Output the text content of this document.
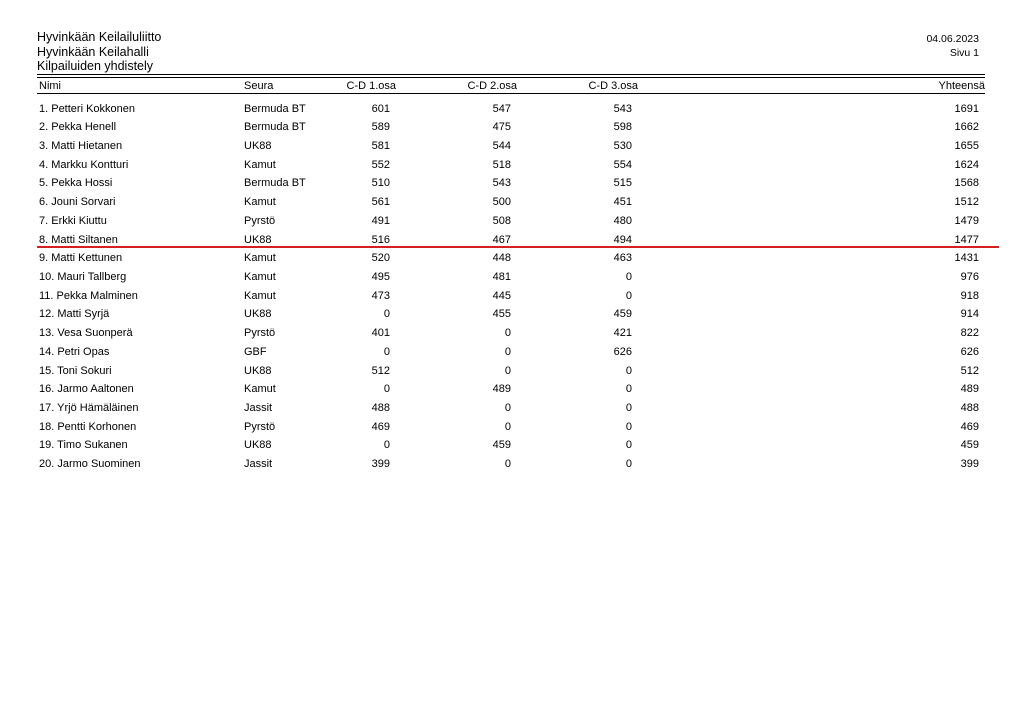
Hyvinkään Keilailuliitto
Hyvinkään Keilahalli
Kilpailuiden yhdistely
04.06.2023
Sivu 1
Nimi	Seura	C-D 1.osa	C-D 2.osa	C-D 3.osa	Yhteensä
1. Petteri Kokkonen	Bermuda BT	601	547	543	1691
2. Pekka Henell	Bermuda BT	589	475	598	1662
3. Matti Hietanen	UK88	581	544	530	1655
4. Markku Kontturi	Kamut	552	518	554	1624
5. Pekka Hossi	Bermuda BT	510	543	515	1568
6. Jouni Sorvari	Kamut	561	500	451	1512
7. Erkki Kiuttu	Pyrstö	491	508	480	1479
8. Matti Siltanen	UK88	516	467	494	1477
9. Matti Kettunen	Kamut	520	448	463	1431
10. Mauri Tallberg	Kamut	495	481	0	976
11. Pekka Malminen	Kamut	473	445	0	918
12. Matti Syrjä	UK88	0	455	459	914
13. Vesa Suonperä	Pyrstö	401	0	421	822
14. Petri Opas	GBF	0	0	626	626
15. Toni Sokuri	UK88	512	0	0	512
16. Jarmo Aaltonen	Kamut	0	489	0	489
17. Yrjö Hämäläinen	Jassit	488	0	0	488
18. Pentti Korhonen	Pyrstö	469	0	0	469
19. Timo Sukanen	UK88	0	459	0	459
20. Jarmo Suominen	Jassit	399	0	0	399
